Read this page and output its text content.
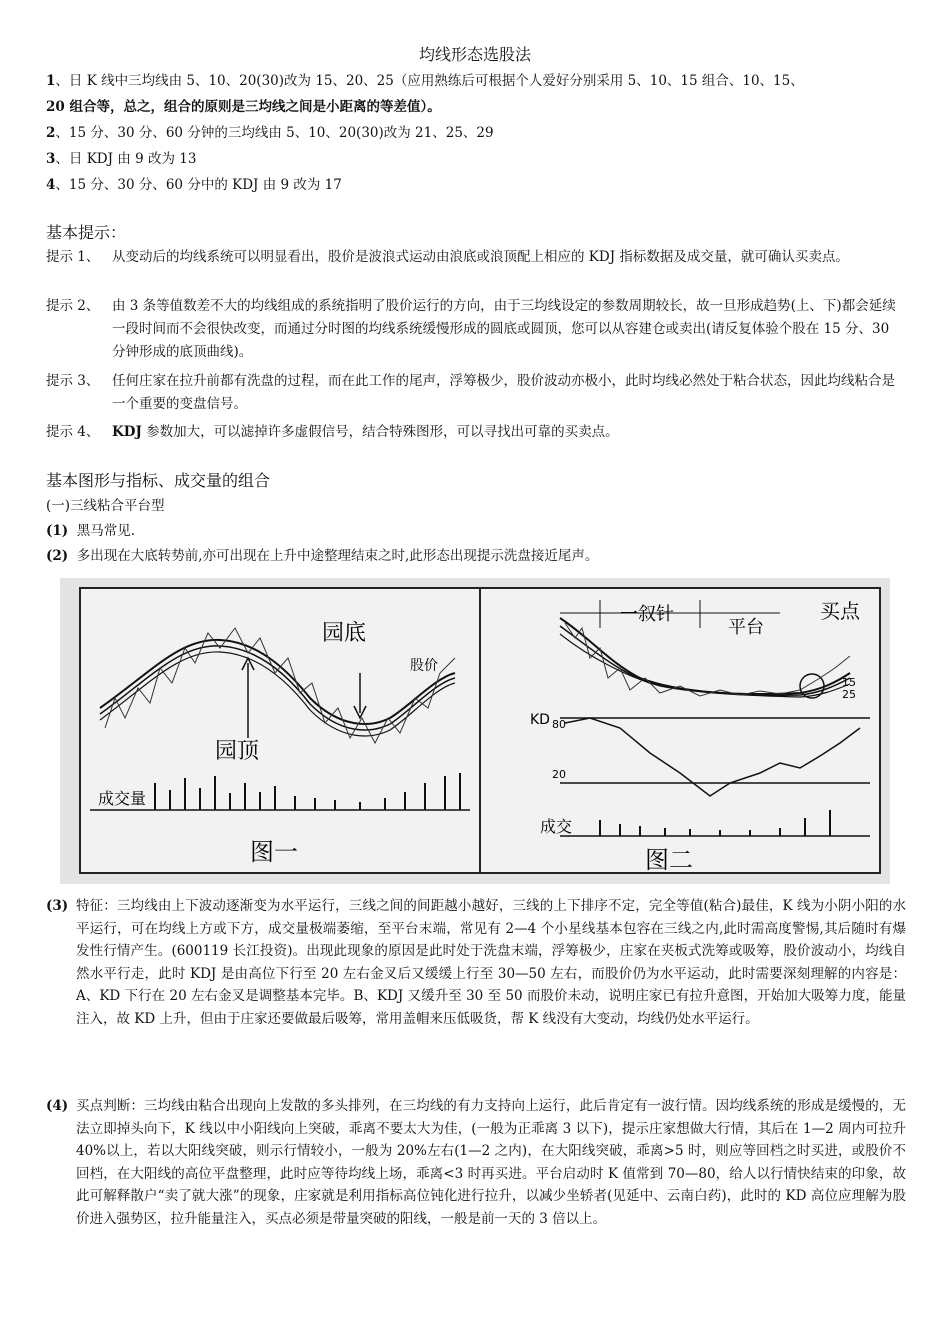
均线形态选股法
1、日 K 线中三均线由 5、10、20(30)改为 15、20、25（应用熟练后可根据个人爱好分别采用 5、10、15 组合、10、15、
20 组合等，总之，组合的原则是三均线之间是小距离的等差值）。
2、15 分、30 分、60 分钟的三均线由 5、10、20(30)改为 21、25、29
3、日 KDJ 由 9 改为 13
4、15 分、30 分、60 分中的 KDJ 由 9 改为 17
基本提示：
提示 1、 从变动后的均线系统可以明显看出，股价是波浪式运动由浪底或浪顶配上相应的 KDJ 指标数据及成交量，就可确认买卖点。
提示 2、 由 3 条等值数差不大的均线组成的系统指明了股价运行的方向，由于三均线设定的参数周期较长，故一旦形成趋势(上、下)都会延续一段时间而不会很快改变，而通过分时图的均线系统缓慢形成的圆底或圆顶，您可以从容建仓或卖出(请反复体验个股在 15 分、30 分钟形成的底顶曲线)。
提示 3、 任何庄家在拉升前都有洗盘的过程，而在此工作的尾声，浮筹极少，股价波动亦极小，此时均线必然处于粘合状态，因此均线粘合是一个重要的变盘信号。
提示 4、 KDJ 参数加大，可以滤掉许多虚假信号，结合特殊图形，可以寻找出可靠的买卖点。
基本图形与指标、成交量的组合
(一)三线粘合平台型
(1) 黑马常见.
(2) 多出现在大底转势前,亦可出现在上升中途整理结束之时,此形态出现提示洗盘接近尾声。
园顶
园底
股价
成交量
图一
一叙针
平台
买点
15
25
KD 80
20
成交
图二
(3) 特征：三均线由上下波动逐渐变为水平运行，三线之间的间距越小越好，三线的上下排序不定，完全等值(粘合)最佳，K 线为小阴小阳的水平运行，可在均线上方或下方，成交量极端萎缩，至平台末端，常见有 2—4 个小星线基本包容在三线之内,此时需高度警惕,其后随时有爆发性行情产生。(600119 长江投资)。出现此现象的原因是此时处于洗盘末端，浮筹极少，庄家在夹板式洗筹或吸筹，股价波动小，均线自然水平行走，此时 KDJ 是由高位下行至 20 左右金叉后又缓缓上行至 30—50 左右，而股价仍为水平运动，此时需要深刻理解的内容是：A、KD 下行在 20 左右金叉是调整基本完毕。B、KDJ 又缓升至 30 至 50 而股价未动，说明庄家已有拉升意图，开始加大吸筹力度，能量注入，故 KD 上升，但由于庄家还要做最后吸筹，常用盖帽来压低吸货，帮 K 线没有大变动，均线仍处水平运行。
(4) 买点判断：三均线由粘合出现向上发散的多头排列，在三均线的有力支持向上运行，此后肯定有一波行情。因均线系统的形成是缓慢的，无法立即掉头向下，K 线以中小阳线向上突破，乖离不要太大为佳，(一般为正乖离 3 以下)，提示庄家想做大行情，其后在 1—2 周内可拉升 40%以上，若以大阳线突破，则示行情较小，一般为 20%左右(1—2 之内)，在大阳线突破，乖离>5 时，则应等回档之时买进，或股价不回档，在大阳线的高位平盘整理，此时应等待均线上场，乖离<3 时再买进。平台启动时 K 值常到 70—80，给人以行情快结束的印象，故此可解释散户“卖了就大涨”的现象，庄家就是利用指标高位钝化进行拉升，以减少坐轿者(见延中、云南白药)，此时的 KD 高位应理解为股价进入强势区，拉升能量注入，买点必须是带量突破的阳线，一般是前一天的 3 倍以上。
